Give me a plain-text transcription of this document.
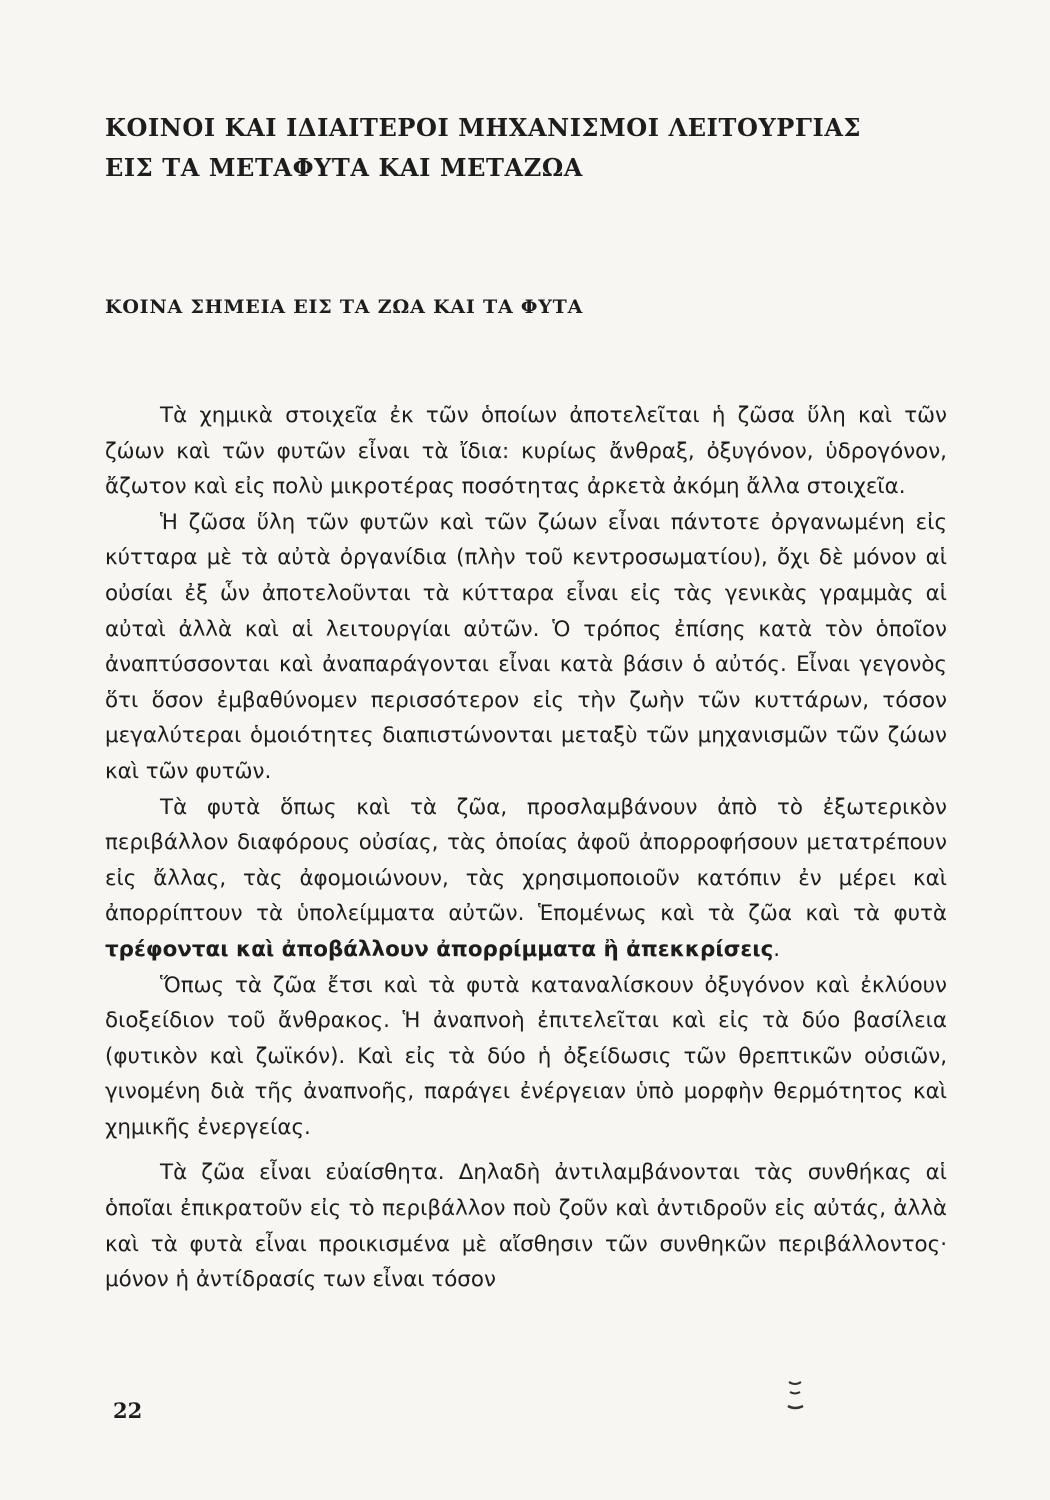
ΚΟΙΝΟΙ ΚΑΙ ΙΔΙΑΙΤΕΡΟΙ ΜΗΧΑΝΙΣΜΟΙ ΛΕΙΤΟΥΡΓΙΑΣ
ΕΙΣ ΤΑ ΜΕΤΑΦΥΤΑ ΚΑΙ ΜΕΤΑΖΩΑ
ΚΟΙΝΑ ΣΗΜΕΙΑ ΕΙΣ ΤΑ ΖΩΑ ΚΑΙ ΤΑ ΦΥΤΑ

Τὰ χημικὰ στοιχεῖα ἐκ τῶν ὁποίων ἀποτελεῖται ἡ ζῶσα ὕλη καὶ τῶν ζώων καὶ τῶν φυτῶν εἶναι τὰ ἴδια: κυρίως ἄνθραξ, ὀξυγόνον, ὑδρογόνον, ἄζωτον καὶ εἰς πολὺ μικροτέρας ποσότητας ἀρκετὰ ἀκόμη ἄλλα στοιχεῖα.

Ἡ ζῶσα ὕλη τῶν φυτῶν καὶ τῶν ζώων εἶναι πάντοτε ὀργανωμένη εἰς κύτταρα μὲ τὰ αὐτὰ ὀργανίδια (πλὴν τοῦ κεντροσωματίου), ὄχι δὲ μόνον αἱ οὐσίαι ἐξ ὧν ἀποτελοῦνται τὰ κύτταρα εἶναι εἰς τὰς γενικὰς γραμμὰς αἱ αὐταὶ ἀλλὰ καὶ αἱ λειτουργίαι αὐτῶν. Ὁ τρόπος ἐπίσης κατὰ τὸν ὁποῖον ἀναπτύσσονται καὶ ἀναπαράγονται εἶναι κατὰ βάσιν ὁ αὐτός. Εἶναι γεγονὸς ὅτι ὅσον ἐμβαθύνομεν περισσότερον εἰς τὴν ζωὴν τῶν κυττάρων, τόσον μεγαλύτεραι ὁμοιότητες διαπιστώνονται μεταξὺ τῶν μηχανισμῶν τῶν ζώων καὶ τῶν φυτῶν.

Τὰ φυτὰ ὅπως καὶ τὰ ζῶα, προσλαμβάνουν ἀπὸ τὸ ἐξωτερικὸν περιβάλλον διαφόρους οὐσίας, τὰς ὁποίας ἀφοῦ ἀπορροφήσουν μετατρέπουν εἰς ἄλλας, τὰς ἀφομοιώνουν, τὰς χρησιμοποιοῦν κατόπιν ἐν μέρει καὶ ἀπορρίπτουν τὰ ὑπολείμματα αὐτῶν. Ἑπομένως καὶ τὰ ζῶα καὶ τὰ φυτὰ τρέφονται καὶ ἀποβάλλουν ἀπορρίμματα ἢ ἀπεκκρίσεις.

Ὅπως τὰ ζῶα ἔτσι καὶ τὰ φυτὰ καταναλίσκουν ὀξυγόνον καὶ ἐκλύουν διοξείδιον τοῦ ἄνθρακος. Ἡ ἀναπνοὴ ἐπιτελεῖται καὶ εἰς τὰ δύο βασίλεια (φυτικὸν καὶ ζωϊκόν). Καὶ εἰς τὰ δύο ἡ ὀξείδωσις τῶν θρεπτικῶν οὐσιῶν, γινομένη διὰ τῆς ἀναπνοῆς, παράγει ἐνέργειαν ὑπὸ μορφὴν θερμότητος καὶ χημικῆς ἐνεργείας.

Τὰ ζῶα εἶναι εὐαίσθητα. Δηλαδὴ ἀντιλαμβάνονται τὰς συνθήκας αἱ ὁποῖαι ἐπικρατοῦν εἰς τὸ περιβάλλον ποὺ ζοῦν καὶ ἀντιδροῦν εἰς αὐτάς, ἀλλὰ καὶ τὰ φυτὰ εἶναι προικισμένα μὲ αἴσθησιν τῶν συνθηκῶν περιβάλλοντος· μόνον ἡ ἀντίδρασίς των εἶναι τόσον

22
